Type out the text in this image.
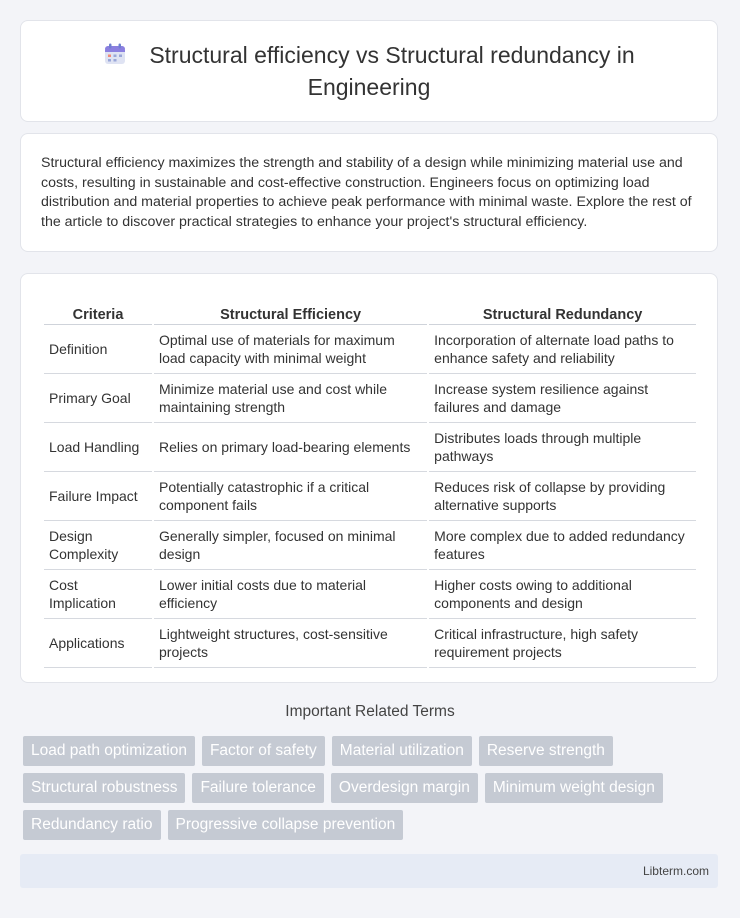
Structural efficiency vs Structural redundancy in Engineering
Structural efficiency maximizes the strength and stability of a design while minimizing material use and costs, resulting in sustainable and cost-effective construction. Engineers focus on optimizing load distribution and material properties to achieve peak performance with minimal waste. Explore the rest of the article to discover practical strategies to enhance your project's structural efficiency.
Criteria	Structural Efficiency	Structural Redundancy
Definition	Optimal use of materials for maximum load capacity with minimal weight	Incorporation of alternate load paths to enhance safety and reliability
Primary Goal	Minimize material use and cost while maintaining strength	Increase system resilience against failures and damage
Load Handling	Relies on primary load-bearing elements	Distributes loads through multiple pathways
Failure Impact	Potentially catastrophic if a critical component fails	Reduces risk of collapse by providing alternative supports
Design Complexity	Generally simpler, focused on minimal design	More complex due to added redundancy features
Cost Implication	Lower initial costs due to material efficiency	Higher costs owing to additional components and design
Applications	Lightweight structures, cost-sensitive projects	Critical infrastructure, high safety requirement projects
Important Related Terms
Load path optimization	Factor of safety	Material utilization	Reserve strength
Structural robustness	Failure tolerance	Overdesign margin	Minimum weight design
Redundancy ratio	Progressive collapse prevention
Libterm.com
